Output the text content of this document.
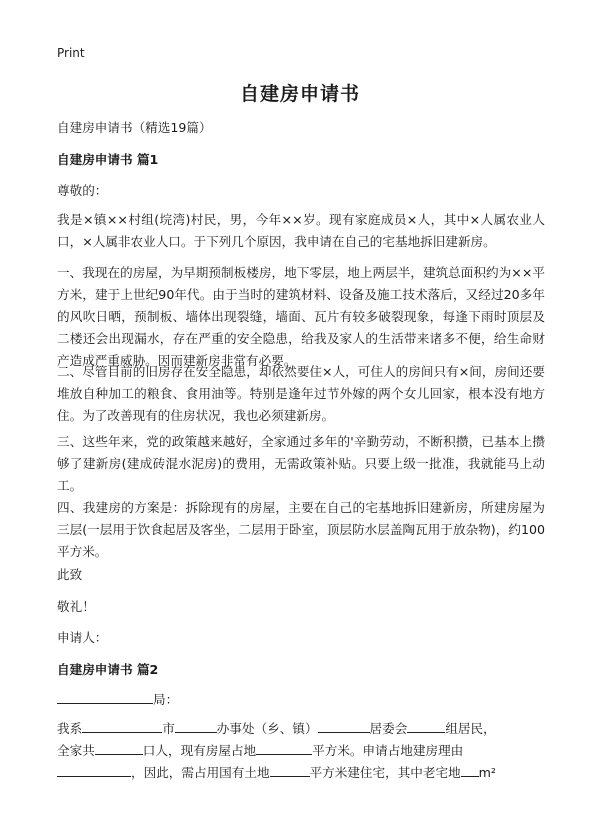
Print
自建房申请书
自建房申请书（精选19篇）
自建房申请书 篇1
尊敬的：
我是×镇××村组(垸湾)村民，男，今年××岁。现有家庭成员×人，其中×人属农业人口，×人属非农业人口。于下列几个原因，我申请在自己的宅基地拆旧建新房。
一、我现在的房屋，为早期预制板楼房，地下零层，地上两层半，建筑总面积约为××平方米，建于上世纪90年代。由于当时的建筑材料、设备及施工技术落后，又经过20多年的风吹日晒，预制板、墙体出现裂缝，墙面、瓦片有较多破裂现象，每逢下雨时顶层及二楼还会出现漏水，存在严重的安全隐患，给我及家人的生活带来诸多不便，给生命财产造成严重威胁。因而建新房非常有必要。
二、尽管目前的旧房存在安全隐患，却依然要住×人，可住人的房间只有×间，房间还要堆放自种加工的粮食、食用油等。特别是逢年过节外嫁的两个女儿回家，根本没有地方住。为了改善现有的住房状况，我也必须建新房。
三、这些年来，党的政策越来越好，全家通过多年的'辛勤劳动，不断积攒，已基本上攒够了建新房(建成砖混水泥房)的费用，无需政策补贴。只要上级一批准，我就能马上动工。
四、我建房的方案是：拆除现有的房屋，主要在自己的宅基地拆旧建新房，所建房屋为三层(一层用于饮食起居及客坐，二层用于卧室，顶层防水层盖陶瓦用于放杂物)，约100平方米。
此致
敬礼！
申请人：
自建房申请书 篇2
局：
我系	市	办事处（乡、镇）	居委会	组居民，
全家共	口人，现有房屋占地	平方米。申请占地建房理由
，因此，需占用国有土地	平方米建住宅，其中老宅地 m²
